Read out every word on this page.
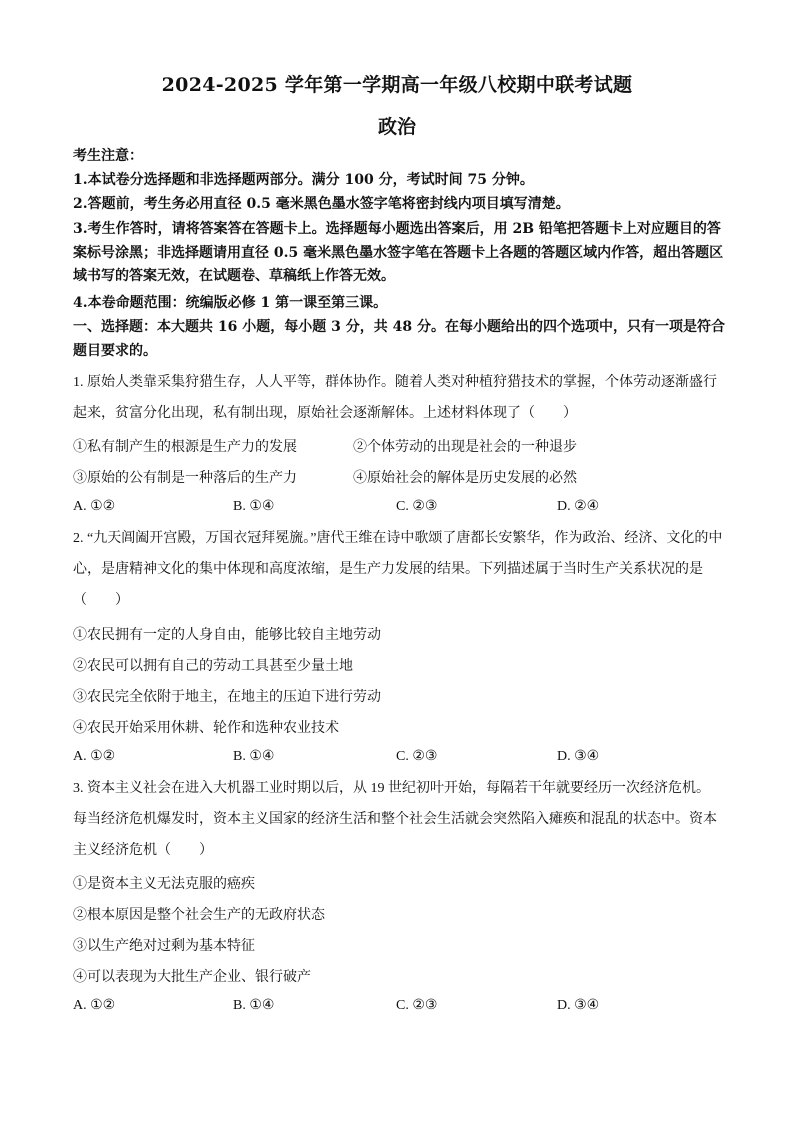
2024-2025 学年第一学期高一年级八校期中联考试题
政治

考生注意：

1.本试卷分选择题和非选择题两部分。满分 100 分，考试时间 75 分钟。

2.答题前，考生务必用直径 0.5 毫米黑色墨水签字笔将密封线内项目填写清楚。

3.考生作答时，请将答案答在答题卡上。选择题每小题选出答案后，用 2B 铅笔把答题卡上对应题目的答案标号涂黑；非选择题请用直径 0.5 毫米黑色墨水签字笔在答题卡上各题的答题区域内作答，超出答题区域书写的答案无效，在试题卷、草稿纸上作答无效。

4.本卷命题范围：统编版必修 1 第一课至第三课。

一、选择题：本大题共 16 小题，每小题 3 分，共 48 分。在每小题给出的四个选项中，只有一项是符合题目要求的。

1. 原始人类靠采集狩猎生存，人人平等，群体协作。随着人类对种植狩猎技术的掌握，个体劳动逐渐盛行起来，贫富分化出现，私有制出现，原始社会逐渐解体。上述材料体现了（　　）

①私有制产生的根源是生产力的发展	②个体劳动的出现是社会的一种退步
③原始的公有制是一种落后的生产力	④原始社会的解体是历史发展的必然
A. ①②	B. ①④	C. ②③	D. ②④

2. “九天阊阖开宫殿，万国衣冠拜冕旒。”唐代王维在诗中歌颂了唐都长安繁华，作为政治、经济、文化的中心，是唐精神文化的集中体现和高度浓缩，是生产力发展的结果。下列描述属于当时生产关系状况的是（　　）

①农民拥有一定的人身自由，能够比较自主地劳动
②农民可以拥有自己的劳动工具甚至少量土地
③农民完全依附于地主，在地主的压迫下进行劳动
④农民开始采用休耕、轮作和选种农业技术
A. ①②	B. ①④	C. ②③	D. ③④

3. 资本主义社会在进入大机器工业时期以后，从 19 世纪初叶开始，每隔若干年就要经历一次经济危机。每当经济危机爆发时，资本主义国家的经济生活和整个社会生活就会突然陷入瘫痪和混乱的状态中。资本主义经济危机（　　）

①是资本主义无法克服的癌疾
②根本原因是整个社会生产的无政府状态
③以生产绝对过剩为基本特征
④可以表现为大批生产企业、银行破产
A. ①②	B. ①④	C. ②③	D. ③④
